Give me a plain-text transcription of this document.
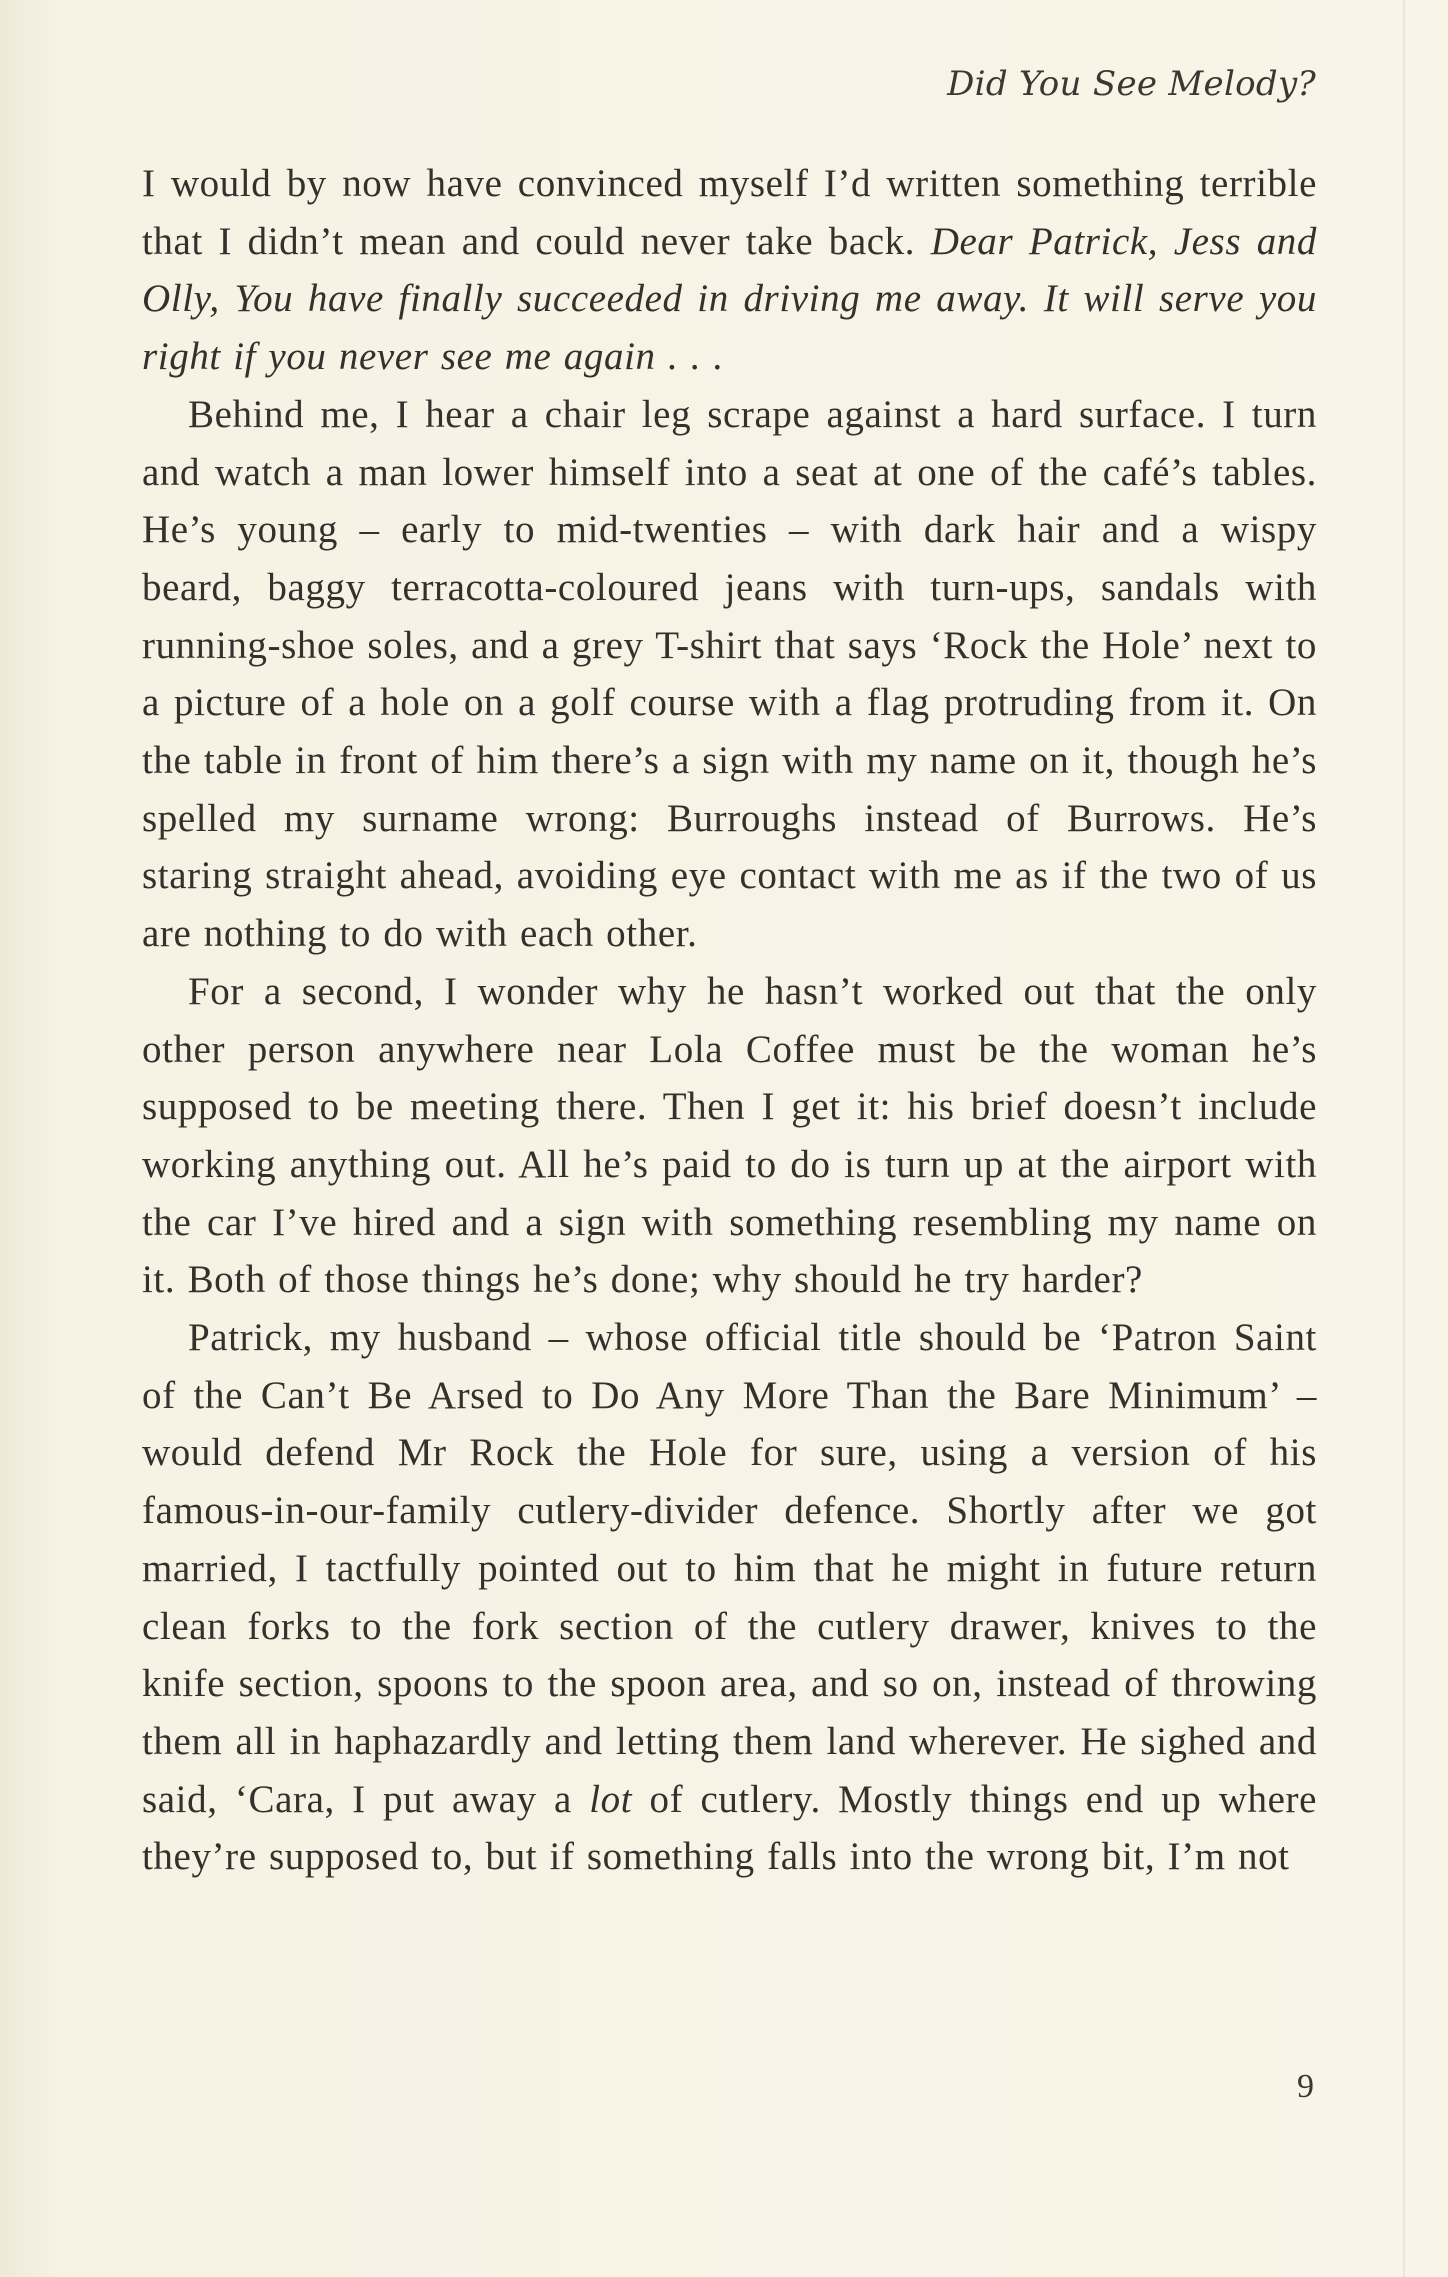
Did You See Melody?

I would by now have convinced myself I’d written something terrible that I didn’t mean and could never take back. Dear Patrick, Jess and Olly, You have finally succeeded in driving me away. It will serve you right if you never see me again . . .

Behind me, I hear a chair leg scrape against a hard surface. I turn and watch a man lower himself into a seat at one of the café’s tables. He’s young – early to mid-twenties – with dark hair and a wispy beard, baggy terracotta-coloured jeans with turn-ups, sandals with running-shoe soles, and a grey T-shirt that says ‘Rock the Hole’ next to a picture of a hole on a golf course with a flag protruding from it. On the table in front of him there’s a sign with my name on it, though he’s spelled my surname wrong: Burroughs instead of Burrows. He’s staring straight ahead, avoiding eye contact with me as if the two of us are nothing to do with each other.

For a second, I wonder why he hasn’t worked out that the only other person anywhere near Lola Coffee must be the woman he’s supposed to be meeting there. Then I get it: his brief doesn’t include working anything out. All he’s paid to do is turn up at the airport with the car I’ve hired and a sign with something resembling my name on it. Both of those things he’s done; why should he try harder?

Patrick, my husband – whose official title should be ‘Patron Saint of the Can’t Be Arsed to Do Any More Than the Bare Minimum’ – would defend Mr Rock the Hole for sure, using a version of his famous-in-our-family cutlery-divider defence. Shortly after we got married, I tactfully pointed out to him that he might in future return clean forks to the fork section of the cutlery drawer, knives to the knife section, spoons to the spoon area, and so on, instead of throwing them all in haphazardly and letting them land wherever. He sighed and said, ‘Cara, I put away a lot of cutlery. Mostly things end up where they’re supposed to, but if something falls into the wrong bit, I’m not

9
